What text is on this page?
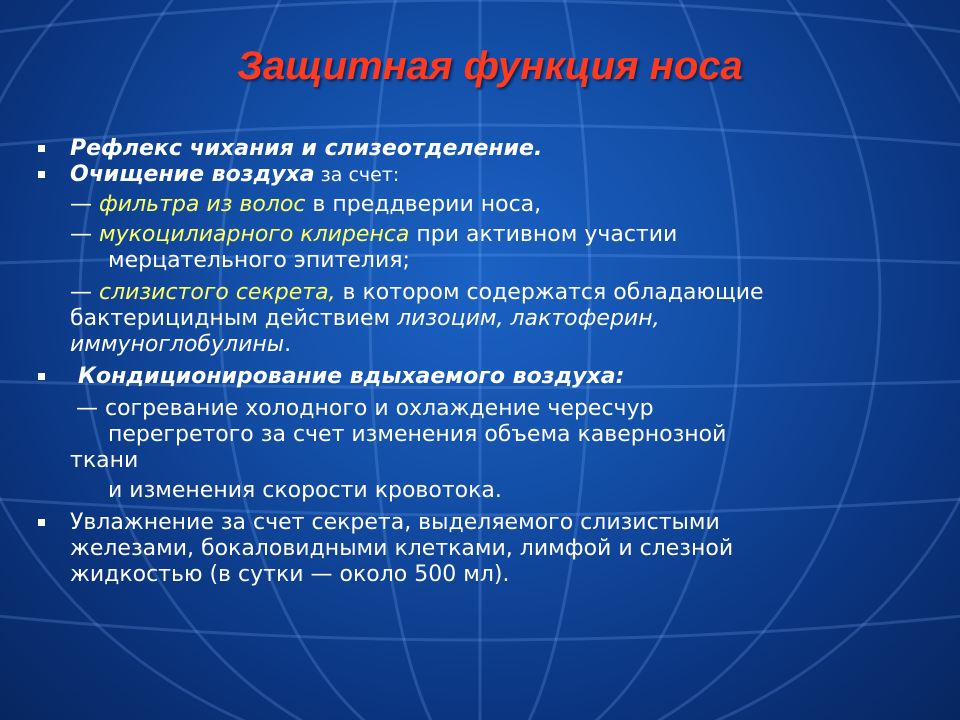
Защитная функция носа
Рефлекс чихания и слизеотделение.
Очищение воздуха за счет:
— фильтра из волос в преддверии носа,
— мукоцилиарного клиренса при активном участии
мерцательного эпителия;
— слизистого секрета, в котором содержатся обладающие
бактерицидным действием лизоцим, лактоферин,
иммуноглобулины.
Кондиционирование вдыхаемого воздуха:
— согревание холодного и охлаждение чересчур
перегретого за счет изменения объема кавернозной
ткани
и изменения скорости кровотока.
Увлажнение за счет секрета, выделяемого слизистыми
железами, бокаловидными клетками, лимфой и слезной
жидкостью (в сутки — около 500 мл).
